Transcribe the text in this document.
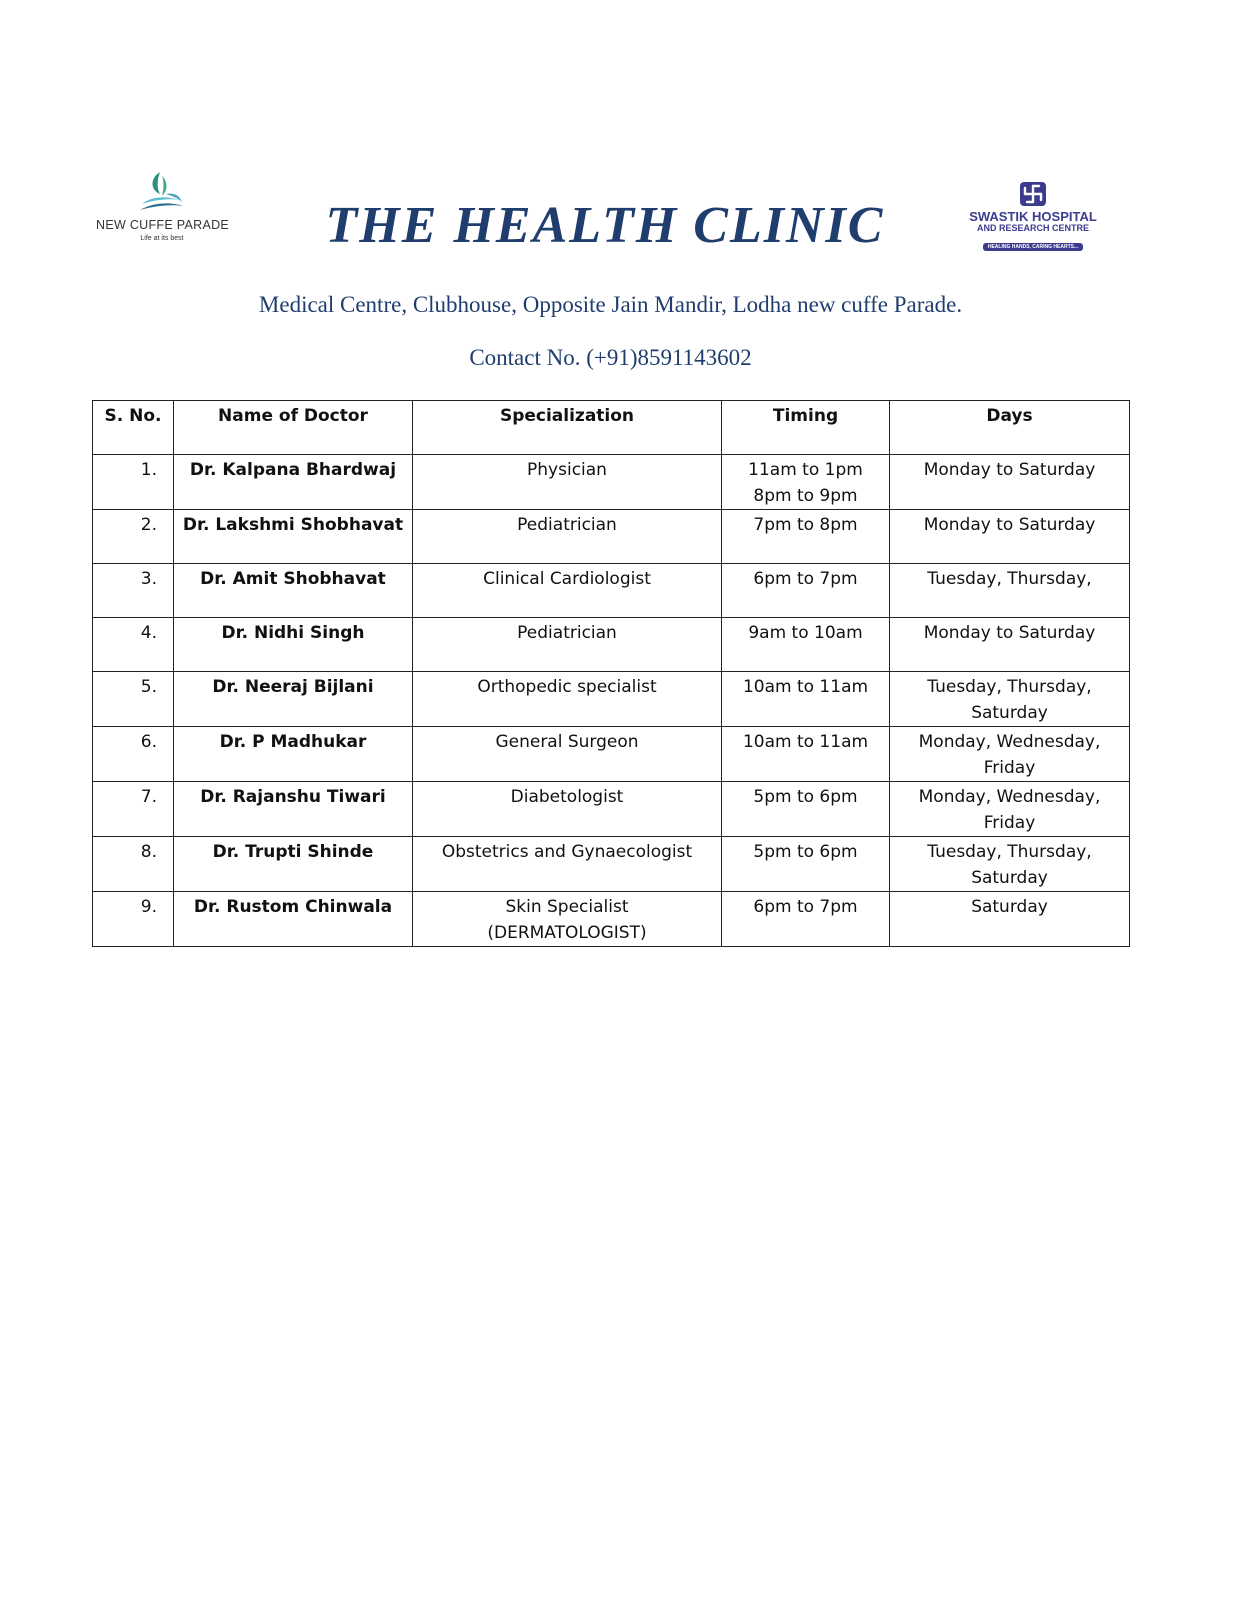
NEW CUFFE PARADE
Life at its best	THE HEALTH CLINIC	SWASTIK HOSPITAL
AND RESEARCH CENTRE
HEALING HANDS, CARING HEARTS...
Medical Centre, Clubhouse, Opposite Jain Mandir, Lodha new cuffe Parade.
Contact No. (+91)8591143602
S. No.	Name of Doctor	Specialization	Timing	Days
1.	Dr. Kalpana Bhardwaj	Physician	11am to 1pm
8pm to 9pm	Monday to Saturday

2.	Dr. Lakshmi Shobhavat	Pediatrician	7pm to 8pm	Monday to Saturday

3.	Dr. Amit Shobhavat	Clinical Cardiologist	6pm to 7pm	Tuesday, Thursday,

4.	Dr. Nidhi Singh	Pediatrician	9am to 10am	Monday to Saturday

5.	Dr. Neeraj Bijlani	Orthopedic specialist	10am to 11am	Tuesday, Thursday,
Saturday

6.	Dr. P Madhukar	General Surgeon	10am to 11am	Monday, Wednesday,
Friday

7.	Dr. Rajanshu Tiwari	Diabetologist	5pm to 6pm	Monday, Wednesday,
Friday

8.	Dr. Trupti Shinde	Obstetrics and Gynaecologist	5pm to 6pm	Tuesday, Thursday,
Saturday

9.	Dr. Rustom Chinwala	Skin Specialist
(DERMATOLOGIST)	6pm to 7pm	Saturday
